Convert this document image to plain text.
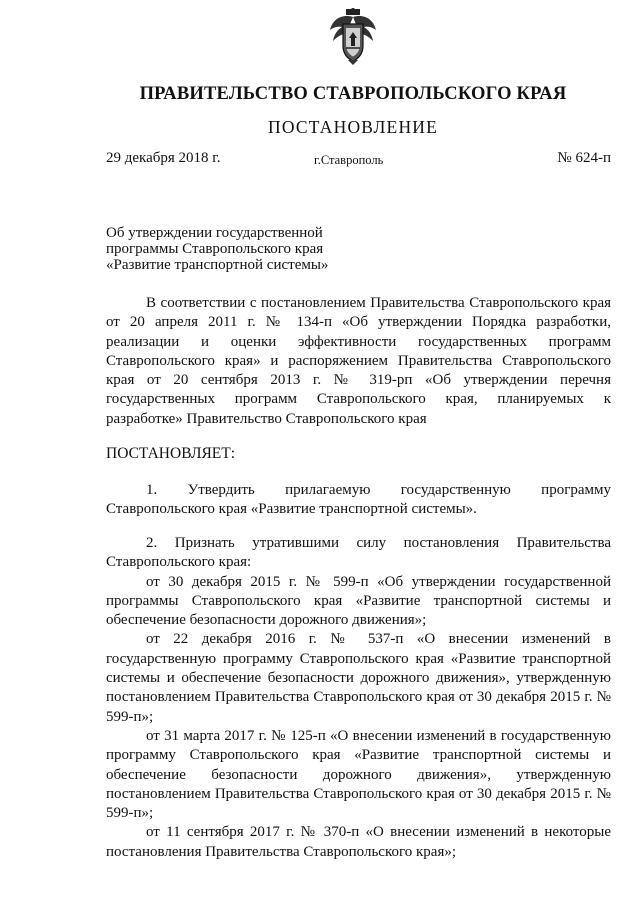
ПРАВИТЕЛЬСТВО СТАВРОПОЛЬСКОГО КРАЯ
ПОСТАНОВЛЕНИЕ
29 декабря 2018 г.	г.Ставрополь	№ 624-п
Об утверждении государственной
программы Ставропольского края
«Развитие транспортной системы»

В соответствии с постановлением Правительства Ставропольского края от 20 апреля 2011 г. № 134-п «Об утверждении Порядка разработки, реализации и оценки эффективности государственных программ Ставропольского края» и распоряжением Правительства Ставропольского края от 20 сентября 2013 г. № 319-рп «Об утверждении перечня государственных программ Ставропольского края, планируемых к разработке» Правительство Ставропольского края

ПОСТАНОВЛЯЕТ:

1. Утвердить прилагаемую государственную программу Ставропольского края «Развитие транспортной системы».

2. Признать утратившими силу постановления Правительства Ставропольского края:

от 30 декабря 2015 г. № 599-п «Об утверждении государственной программы Ставропольского края «Развитие транспортной системы и обеспечение безопасности дорожного движения»;

от 22 декабря 2016 г. № 537-п «О внесении изменений в государственную программу Ставропольского края «Развитие транспортной системы и обеспечение безопасности дорожного движения», утвержденную постановлением Правительства Ставропольского края от 30 декабря 2015 г. № 599-п»;

от 31 марта 2017 г. № 125-п «О внесении изменений в государственную программу Ставропольского края «Развитие транспортной системы и обеспечение безопасности дорожного движения», утвержденную постановлением Правительства Ставропольского края от 30 декабря 2015 г. № 599-п»;

от 11 сентября 2017 г. № 370-п «О внесении изменений в некоторые постановления Правительства Ставропольского края»;
